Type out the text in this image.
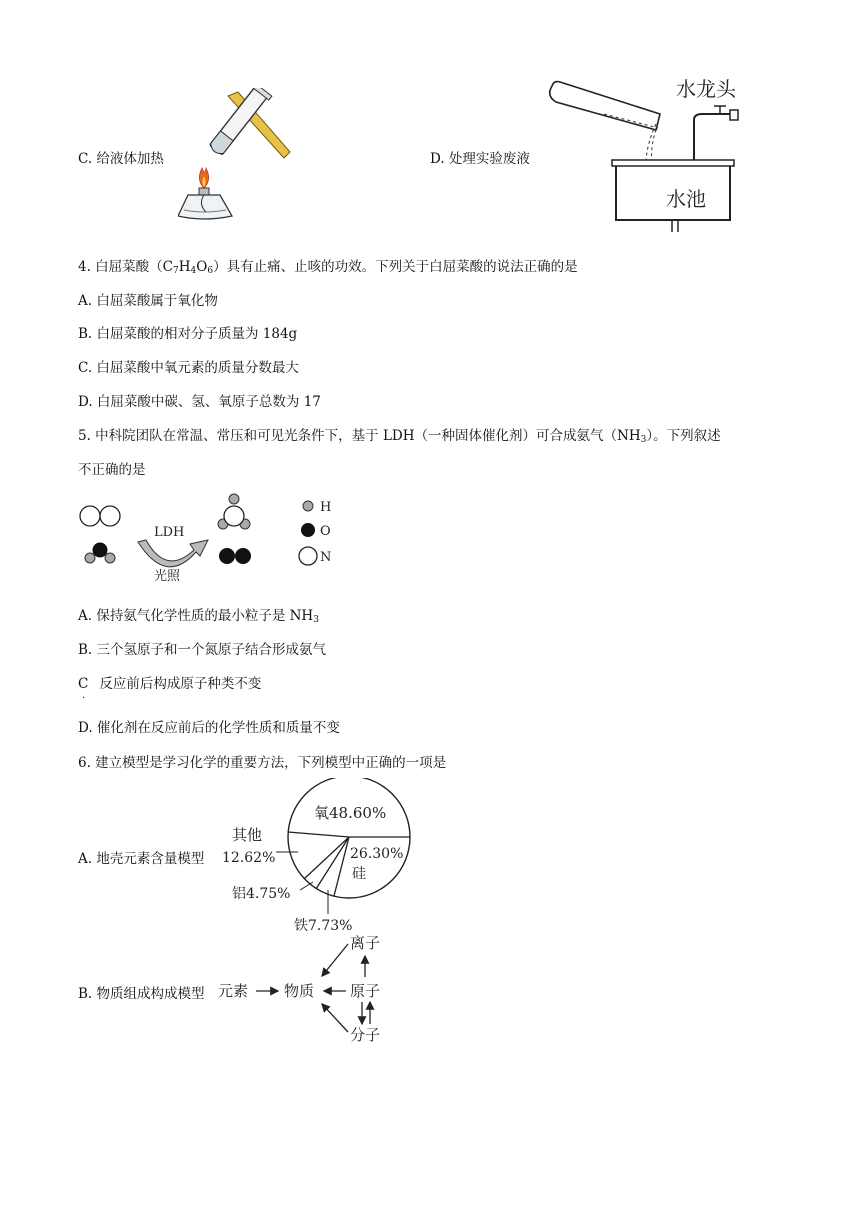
C. 给液体加热	D. 处理实验废液
水龙头
水池
4. 白屈菜酸$(C_7H_4O_6)$具有止痛、止咳的功效。下列关于白屈菜酸的说法正确的是
A. 白屈菜酸属于氧化物
B. 白屈菜酸的相对分子质量为 184g
C. 白屈菜酸中氧元素的质量分数最大
D. 白屈菜酸中碳、氢、氧原子总数为 17
5. 中科院团队在常温、常压和可见光条件下，基于 LDH（一种固体催化剂）可合成氨气$(NH_3)$。下列叙述
不正确的是
LDH
光照
H
O
N
A. 保持氨气化学性质的最小粒子是 $NH_3$
B. 三个氢原子和一个氮原子结合形成氨气
C
.
反应前后构成原子种类不变
D. 催化剂在反应前后的化学性质和质量不变
6. 建立模型是学习化学的重要方法，下列模型中正确的一项是
A. 地壳元素含量模型
氧48.60%
26.30%
硅
其他
12.62%
铝4.75%
铁7.73%
B. 物质组成构成模型 元素 物质 原子
离子
分子
